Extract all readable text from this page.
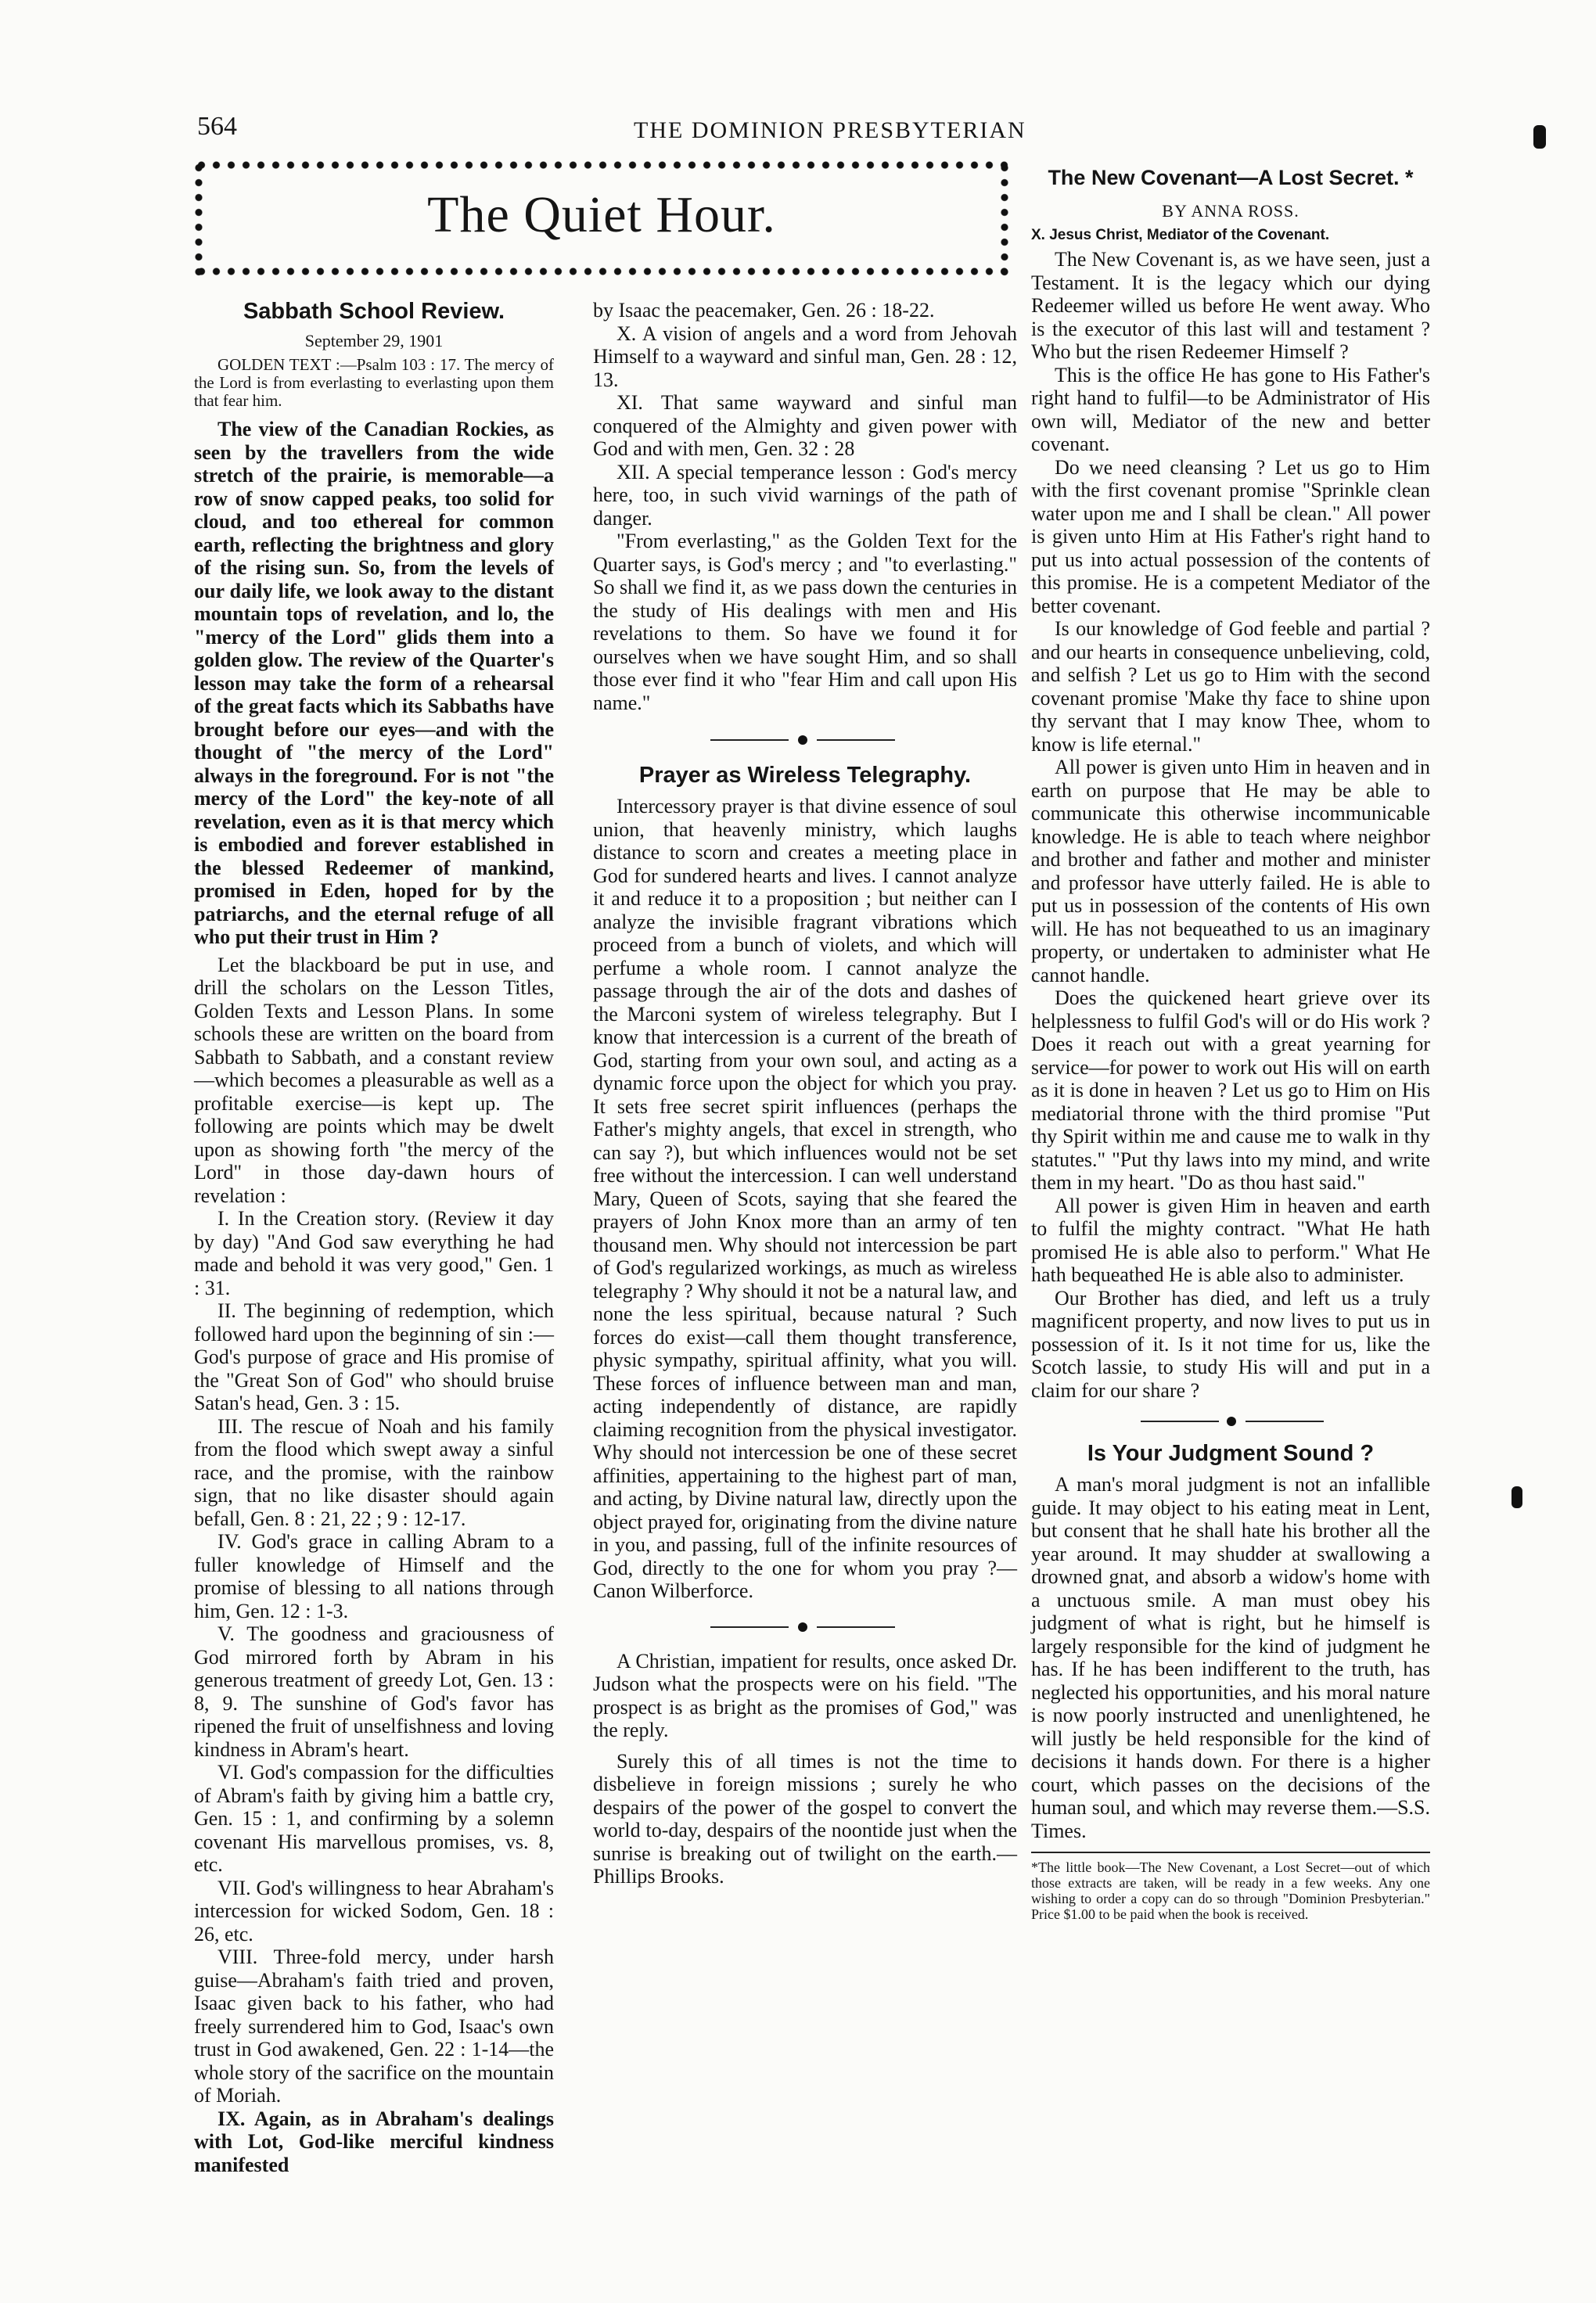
564	THE DOMINION PRESBYTERIAN
The Quiet Hour.

Sabbath School Review.

September 29, 1901

GOLDEN TEXT :—Psalm 103 : 17. The mercy of the Lord is from everlasting to everlasting upon them that fear him.

The view of the Canadian Rockies, as seen by the travellers from the wide stretch of the prairie, is memorable—a row of snow capped peaks, too solid for cloud, and too ethereal for common earth, reflecting the brightness and glory of the rising sun. So, from the levels of our daily life, we look away to the distant mountain tops of revelation, and lo, the "mercy of the Lord" glids them into a golden glow. The review of the Quarter's lesson may take the form of a rehearsal of the great facts which its Sabbaths have brought before our eyes—and with the thought of "the mercy of the Lord" always in the foreground. For is not "the mercy of the Lord" the key-note of all revelation, even as it is that mercy which is embodied and forever established in the blessed Redeemer of mankind, promised in Eden, hoped for by the patriarchs, and the eternal refuge of all who put their trust in Him ?

Let the blackboard be put in use, and drill the scholars on the Lesson Titles, Golden Texts and Lesson Plans. In some schools these are written on the board from Sabbath to Sabbath, and a constant review—which becomes a pleasurable as well as a profitable exercise—is kept up. The following are points which may be dwelt upon as showing forth "the mercy of the Lord" in those day-dawn hours of revelation :

I. In the Creation story. (Review it day by day) "And God saw everything he had made and behold it was very good," Gen. 1 : 31.

II. The beginning of redemption, which followed hard upon the beginning of sin :—God's purpose of grace and His promise of the "Great Son of God" who should bruise Satan's head, Gen. 3 : 15.

III. The rescue of Noah and his family from the flood which swept away a sinful race, and the promise, with the rainbow sign, that no like disaster should again befall, Gen. 8 : 21, 22 ; 9 : 12-17.

IV. God's grace in calling Abram to a fuller knowledge of Himself and the promise of blessing to all nations through him, Gen. 12 : 1-3.

V. The goodness and graciousness of God mirrored forth by Abram in his generous treatment of greedy Lot, Gen. 13 : 8, 9. The sunshine of God's favor has ripened the fruit of unselfishness and loving kindness in Abram's heart.

VI. God's compassion for the difficulties of Abram's faith by giving him a battle cry, Gen. 15 : 1, and confirming by a solemn covenant His marvellous promises, vs. 8, etc.

VII. God's willingness to hear Abraham's intercession for wicked Sodom, Gen. 18 : 26, etc.

VIII. Three-fold mercy, under harsh guise—Abraham's faith tried and proven, Isaac given back to his father, who had freely surrendered him to God, Isaac's own trust in God awakened, Gen. 22 : 1-14—the whole story of the sacrifice on the mountain of Moriah.

IX. Again, as in Abraham's dealings with Lot, God-like merciful kindness manifested

by Isaac the peacemaker, Gen. 26 : 18-22.

X. A vision of angels and a word from Jehovah Himself to a wayward and sinful man, Gen. 28 : 12, 13.

XI. That same wayward and sinful man conquered of the Almighty and given power with God and with men, Gen. 32 : 28

XII. A special temperance lesson : God's mercy here, too, in such vivid warnings of the path of danger.

"From everlasting," as the Golden Text for the Quarter says, is God's mercy ; and "to everlasting." So shall we find it, as we pass down the centuries in the study of His dealings with men and His revelations to them. So have we found it for ourselves when we have sought Him, and so shall those ever find it who "fear Him and call upon His name."

Prayer as Wireless Telegraphy.

Intercessory prayer is that divine essence of soul union, that heavenly ministry, which laughs distance to scorn and creates a meeting place in God for sundered hearts and lives. I cannot analyze it and reduce it to a proposition ; but neither can I analyze the invisible fragrant vibrations which proceed from a bunch of violets, and which will perfume a whole room. I cannot analyze the passage through the air of the dots and dashes of the Marconi system of wireless telegraphy. But I know that intercession is a current of the breath of God, starting from your own soul, and acting as a dynamic force upon the object for which you pray. It sets free secret spirit influences (perhaps the Father's mighty angels, that excel in strength, who can say ?), but which influences would not be set free without the intercession. I can well understand Mary, Queen of Scots, saying that she feared the prayers of John Knox more than an army of ten thousand men. Why should not intercession be part of God's regularized workings, as much as wireless telegraphy ? Why should it not be a natural law, and none the less spiritual, because natural ? Such forces do exist—call them thought transference, physic sympathy, spiritual affinity, what you will. These forces of influence between man and man, acting independently of distance, are rapidly claiming recognition from the physical investigator. Why should not intercession be one of these secret affinities, appertaining to the highest part of man, and acting, by Divine natural law, directly upon the object prayed for, originating from the divine nature in you, and passing, full of the infinite resources of God, directly to the one for whom you pray ?—Canon Wilberforce.

A Christian, impatient for results, once asked Dr. Judson what the prospects were on his field. "The prospect is as bright as the promises of God," was the reply.

Surely this of all times is not the time to disbelieve in foreign missions ; surely he who despairs of the power of the gospel to convert the world to-day, despairs of the noontide just when the sunrise is breaking out of twilight on the earth.—Phillips Brooks.

The New Covenant—A Lost Secret. *

BY ANNA ROSS.

X. Jesus Christ, Mediator of the Covenant.

The New Covenant is, as we have seen, just a Testament. It is the legacy which our dying Redeemer willed us before He went away. Who is the executor of this last will and testament ? Who but the risen Redeemer Himself ?

This is the office He has gone to His Father's right hand to fulfil—to be Administrator of His own will, Mediator of the new and better covenant.

Do we need cleansing ? Let us go to Him with the first covenant promise "Sprinkle clean water upon me and I shall be clean." All power is given unto Him at His Father's right hand to put us into actual possession of the contents of this promise. He is a competent Mediator of the better covenant.

Is our knowledge of God feeble and partial ? and our hearts in consequence unbelieving, cold, and selfish ? Let us go to Him with the second covenant promise 'Make thy face to shine upon thy servant that I may know Thee, whom to know is life eternal."

All power is given unto Him in heaven and in earth on purpose that He may be able to communicate this otherwise incommunicable knowledge. He is able to teach where neighbor and brother and father and mother and minister and professor have utterly failed. He is able to put us in possession of the contents of His own will. He has not bequeathed to us an imaginary property, or undertaken to administer what He cannot handle.

Does the quickened heart grieve over its helplessness to fulfil God's will or do His work ? Does it reach out with a great yearning for service—for power to work out His will on earth as it is done in heaven ? Let us go to Him on His mediatorial throne with the third promise "Put thy Spirit within me and cause me to walk in thy statutes." "Put thy laws into my mind, and write them in my heart. "Do as thou hast said."

All power is given Him in heaven and earth to fulfil the mighty contract. "What He hath promised He is able also to perform." What He hath bequeathed He is able also to administer.

Our Brother has died, and left us a truly magnificent property, and now lives to put us in possession of it. Is it not time for us, like the Scotch lassie, to study His will and put in a claim for our share ?

Is Your Judgment Sound ?

A man's moral judgment is not an infallible guide. It may object to his eating meat in Lent, but consent that he shall hate his brother all the year around. It may shudder at swallowing a drowned gnat, and absorb a widow's home with a unctuous smile. A man must obey his judgment of what is right, but he himself is largely responsible for the kind of judgment he has. If he has been indifferent to the truth, has neglected his opportunities, and his moral nature is now poorly instructed and unenlightened, he will justly be held responsible for the kind of decisions it hands down. For there is a higher court, which passes on the decisions of the human soul, and which may reverse them.—S.S. Times.

*The little book—The New Covenant, a Lost Secret—out of which those extracts are taken, will be ready in a few weeks. Any one wishing to order a copy can do so through "Dominion Presbyterian." Price $1.00 to be paid when the book is received.
